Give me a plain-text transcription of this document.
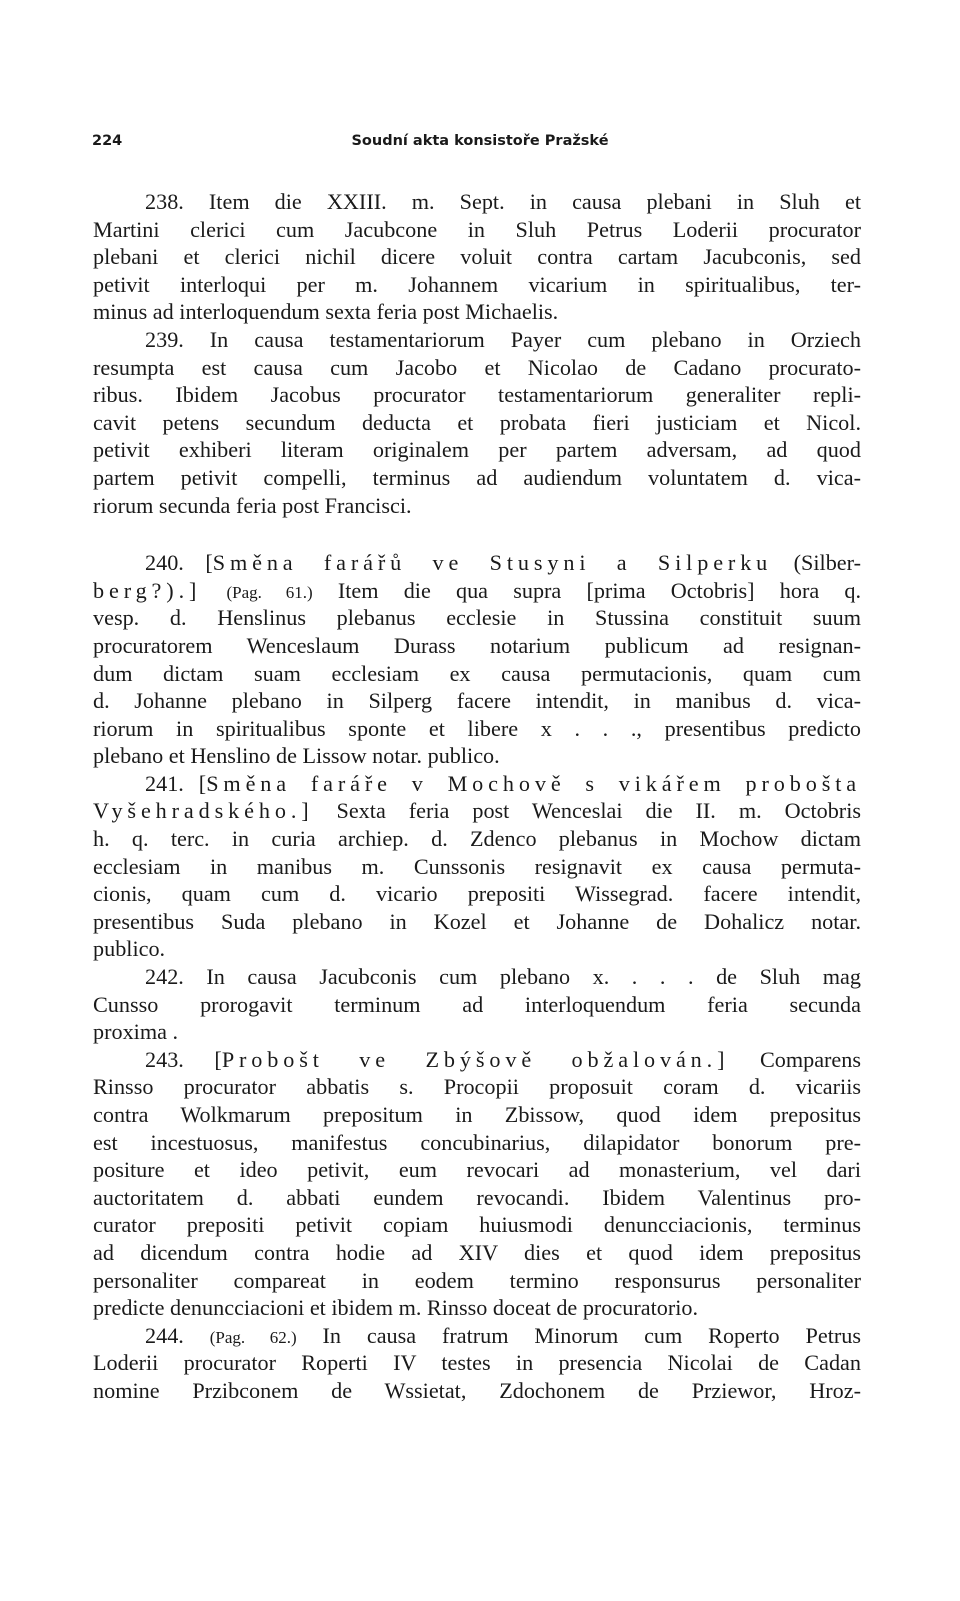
224	Soudní akta konsistoře Pražské
238. Item die XXIII. m. Sept. in causa plebani in Sluh et
Martini clerici cum Jacubcone in Sluh Petrus Loderii procurator
plebani et clerici nichil dicere voluit contra cartam Jacubconis, sed
petivit interloqui per m. Johannem vicarium in spiritualibus, ter-
minus ad interloquendum sexta feria post Michaelis.
239. In causa testamentariorum Payer cum plebano in Orziech
resumpta est causa cum Jacobo et Nicolao de Cadano procurato-
ribus. Ibidem Jacobus procurator testamentariorum generaliter repli-
cavit petens secundum deducta et probata fieri justiciam et Nicol.
petivit exhiberi literam originalem per partem adversam, ad quod
partem petivit compelli, terminus ad audiendum voluntatem d. vica-
riorum secunda feria post Francisci.
240. [Směna farářů ve Stusyni a Silperku (Silber-
berg?).] (Pag. 61.) Item die qua supra [prima Octobris] hora q.
vesp. d. Henslinus plebanus ecclesie in Stussina constituit suum
procuratorem Wenceslaum Durass notarium publicum ad resignan-
dum dictam suam ecclesiam ex causa permutacionis, quam cum
d. Johanne plebano in Silperg facere intendit, in manibus d. vica-
riorum in spiritualibus sponte et libere x . . ., presentibus predicto
plebano et Henslino de Lissow notar. publico.
241. [Směna faráře v Mochově s vikářem probošta
Vyšehradského.] Sexta feria post Wenceslai die II. m. Octobris
h. q. terc. in curia archiep. d. Zdenco plebanus in Mochow dictam
ecclesiam in manibus m. Cunssonis resignavit ex causa permuta-
cionis, quam cum d. vicario prepositi Wissegrad. facere intendit,
presentibus Suda plebano in Kozel et Johanne de Dohalicz notar.
publico.
242. In causa Jacubconis cum plebano x. . . . de Sluh mag
Cunsso prorogavit terminum ad interloquendum feria secunda
proxima .
243. [Probošt ve Zbýšově obžalován.] Comparens
Rinsso procurator abbatis s. Procopii proposuit coram d. vicariis
contra Wolkmarum prepositum in Zbissow, quod idem prepositus
est incestuosus, manifestus concubinarius, dilapidator bonorum pre-
positure et ideo petivit, eum revocari ad monasterium, vel dari
auctoritatem d. abbati eundem revocandi. Ibidem Valentinus pro-
curator prepositi petivit copiam huiusmodi denuncciacionis, terminus
ad dicendum contra hodie ad XIV dies et quod idem prepositus
personaliter compareat in eodem termino responsurus personaliter
predicte denuncciacioni et ibidem m. Rinsso doceat de procuratorio.
244. (Pag. 62.) In causa fratrum Minorum cum Roperto Petrus
Loderii procurator Roperti IV testes in presencia Nicolai de Cadan
nomine Przibconem de Wssietat, Zdochonem de Prziewor, Hroz-
